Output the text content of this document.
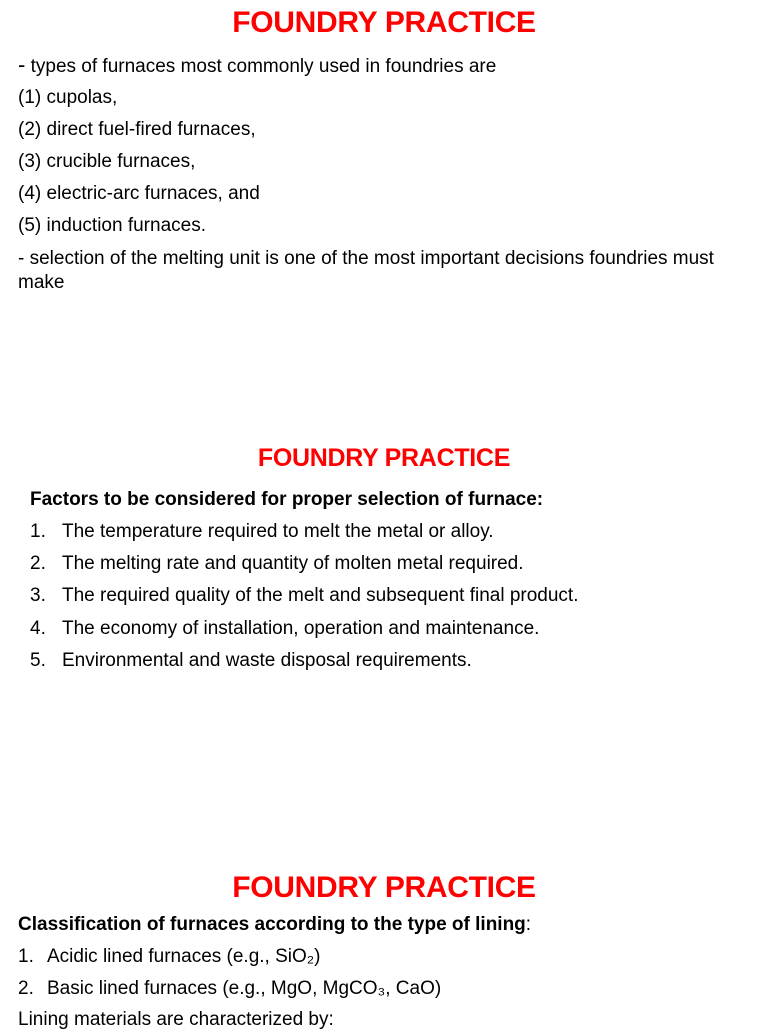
FOUNDRY PRACTICE
- types of furnaces most commonly used in foundries are
(1) cupolas,
(2) direct fuel-fired furnaces,
(3) crucible furnaces,
(4) electric-arc furnaces, and
(5) induction furnaces.
- selection of the melting unit is one of the most important decisions foundries must make
FOUNDRY PRACTICE
Factors to be considered for proper selection of furnace:
1. The temperature required to melt the metal or alloy.
2. The melting rate and quantity of molten metal required.
3. The required quality of the melt and subsequent final product.
4. The economy of installation, operation and maintenance.
5. Environmental and waste disposal requirements.
FOUNDRY PRACTICE
Classification of furnaces according to the type of lining:
1. Acidic lined furnaces (e.g., SiO₂)
2. Basic lined furnaces (e.g., MgO, MgCO₃, CaO)
Lining materials are characterized by:
